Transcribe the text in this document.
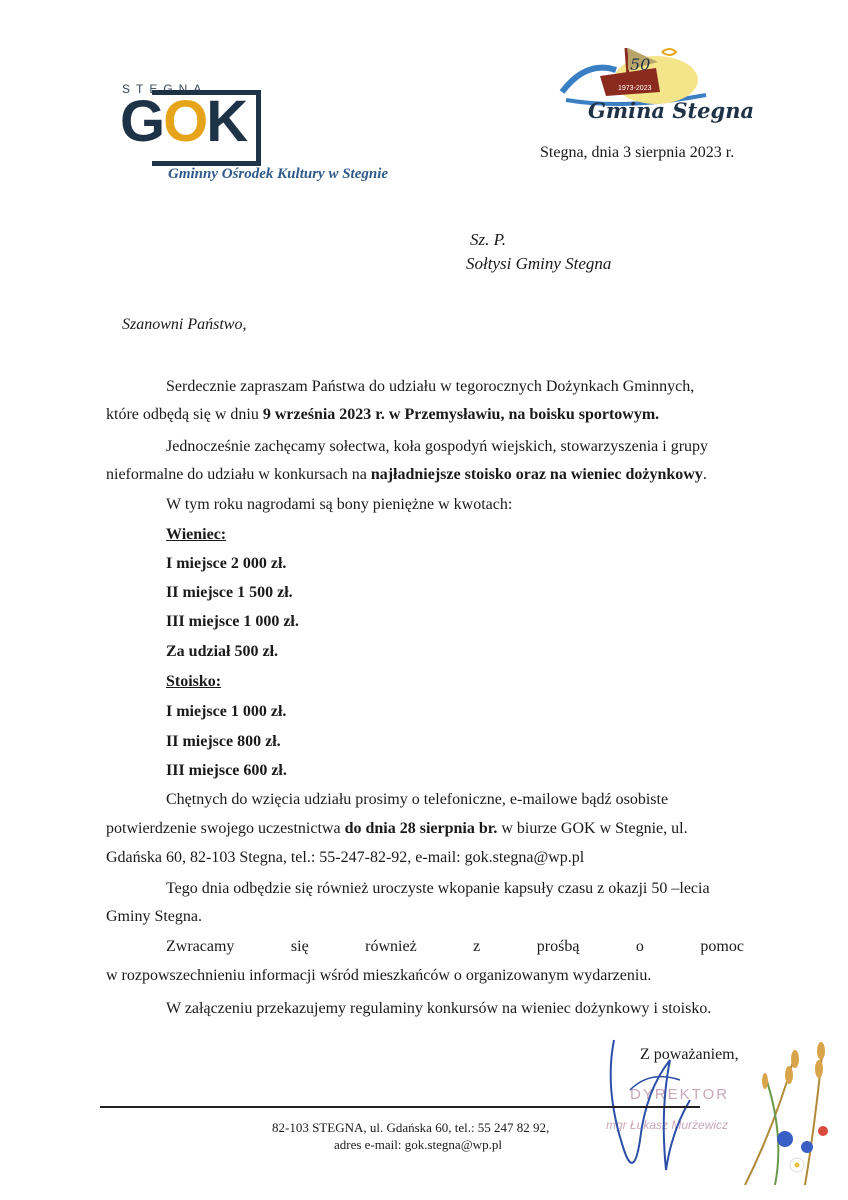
STEGNA
GOK
Gminny Ośrodek Kultury w Stegnie
50
1973-2023
Gmina Stegna
Stegna, dnia 3 sierpnia 2023 r.
Sz. P.
Sołtysi Gminy Stegna
Szanowni Państwo,
Serdecznie zapraszam Państwa do udziału w tegorocznych Dożynkach Gminnych,
które odbędą się w dniu 9 września 2023 r. w Przemysławiu, na boisku sportowym.
Jednocześnie zachęcamy sołectwa, koła gospodyń wiejskich, stowarzyszenia i grupy
nieformalne do udziału w konkursach na najładniejsze stoisko oraz na wieniec dożynkowy.
W tym roku nagrodami są bony pieniężne w kwotach:
Wieniec:
I miejsce 2 000 zł.
II miejsce 1 500 zł.
III miejsce 1 000 zł.
Za udział 500 zł.
Stoisko:
I miejsce 1 000 zł.
II miejsce 800 zł.
III miejsce 600 zł.
Chętnych do wzięcia udziału prosimy o telefoniczne, e-mailowe bądź osobiste
potwierdzenie swojego uczestnictwa do dnia 28 sierpnia br. w biurze GOK w Stegnie, ul.
Gdańska 60, 82-103 Stegna, tel.: 55-247-82-92, e-mail: gok.stegna@wp.pl
Tego dnia odbędzie się również uroczyste wkopanie kapsuły czasu z okazji 50 –lecia
Gminy Stegna.
Zwracamy	się	również	z	prośbą	o	pomoc
w rozpowszechnieniu informacji wśród mieszkańców o organizowanym wydarzeniu.
W załączeniu przekazujemy regulaminy konkursów na wieniec dożynkowy i stoisko.
Z poważaniem,
DYREKTOR
mgr Łukasz Murżewicz
82-103 STEGNA, ul. Gdańska 60, tel.: 55 247 82 92,
adres e-mail: gok.stegna@wp.pl
